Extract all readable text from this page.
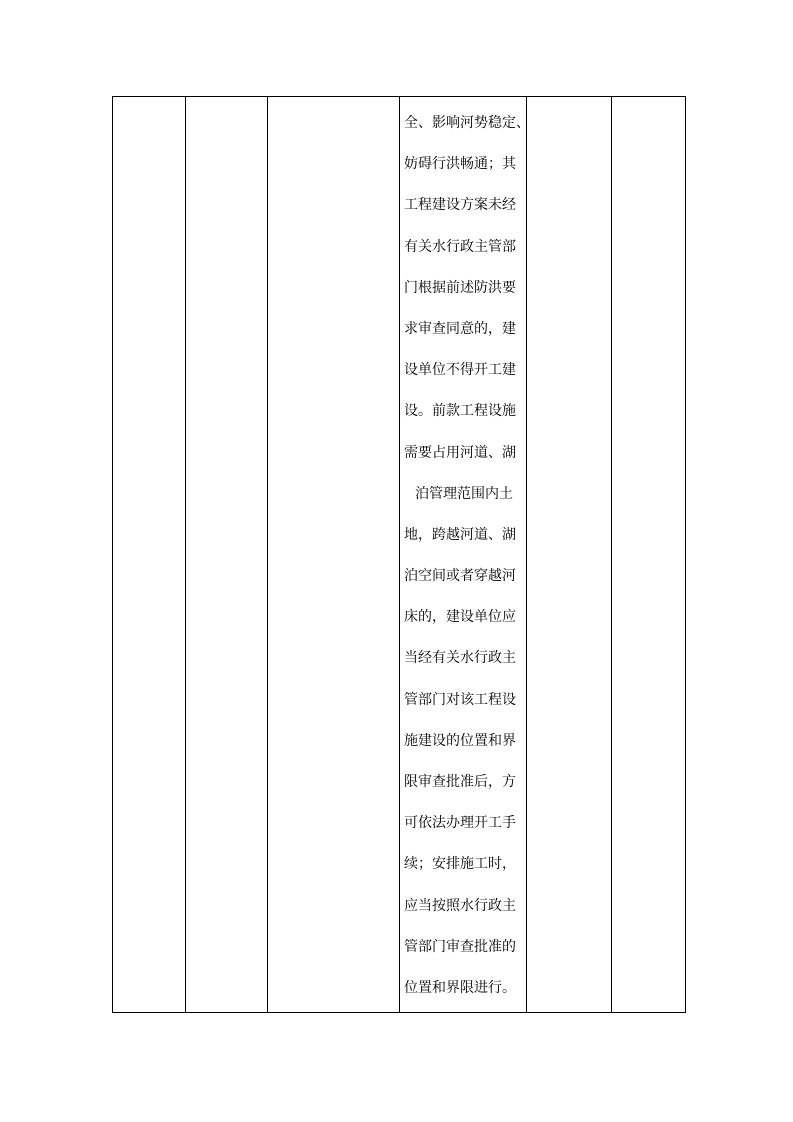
全、影响河势稳定、
妨碍行洪畅通；其
工程建设方案未经
有关水行政主管部
门根据前述防洪要
求审查同意的，建
设单位不得开工建
设。前款工程设施
需要占用河道、湖
泊管理范围内土
地，跨越河道、湖
泊空间或者穿越河
床的，建设单位应
当经有关水行政主
管部门对该工程设
施建设的位置和界
限审查批准后，方
可依法办理开工手
续；安排施工时，
应当按照水行政主
管部门审查批准的
位置和界限进行。
